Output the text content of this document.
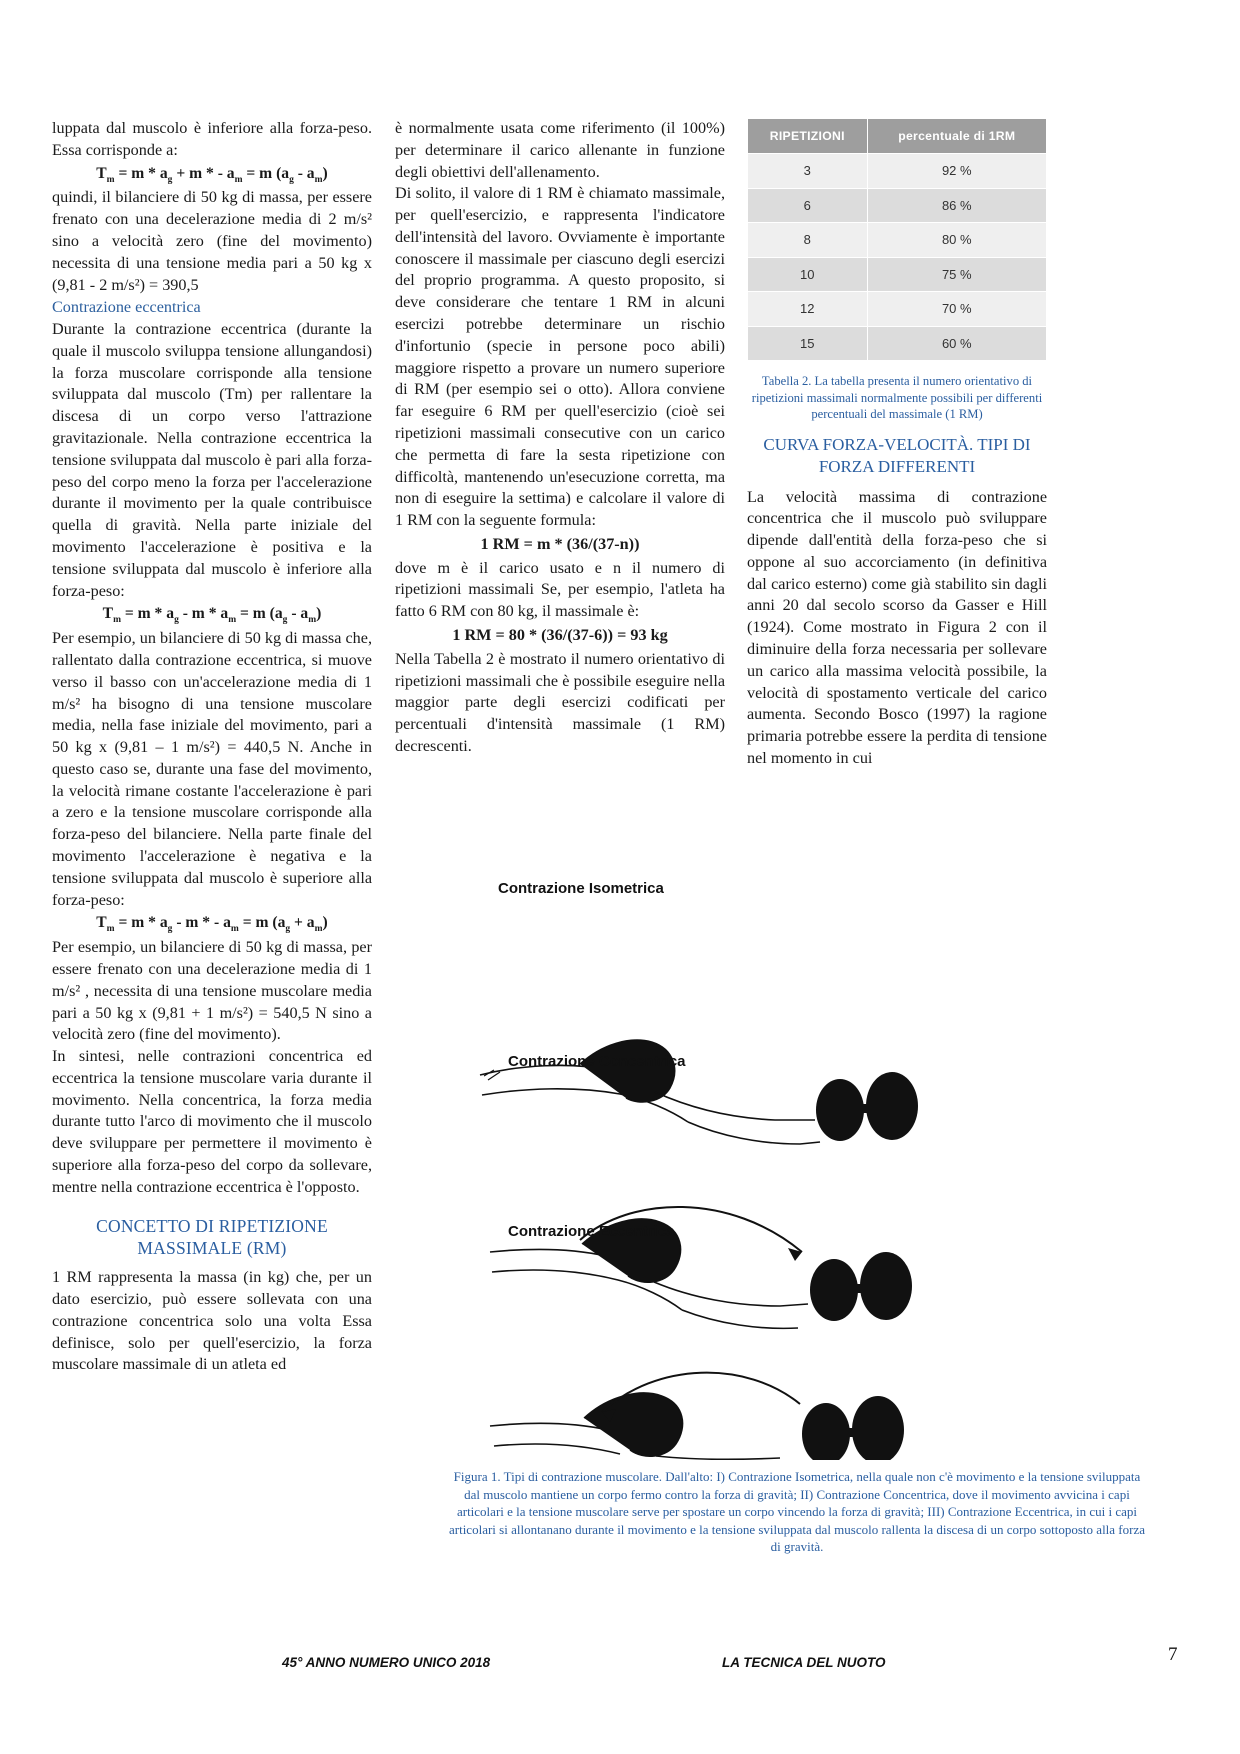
luppata dal muscolo è inferiore alla forza-peso. Essa corrisponde a:

$T_m = m * a_g + m$ * - $a_m = m$ $(a_g - a_m)$

quindi, il bilanciere di 50 kg di massa, per essere frenato con una decelerazione media di 2 m/s² sino a velocità zero (fine del movimento) necessita di una tensione media pari a 50 kg x (9,81 - 2 m/s²) = 390,5

Contrazione eccentrica

Durante la contrazione eccentrica (durante la quale il muscolo sviluppa tensione allungandosi) la forza muscolare corrisponde alla tensione sviluppata dal muscolo (Tm) per rallentare la discesa di un corpo verso l'attrazione gravitazionale. Nella contrazione eccentrica la tensione sviluppata dal muscolo è pari alla forza-peso del corpo meno la forza per l'accelerazione durante il movimento per la quale contribuisce quella di gravità. Nella parte iniziale del movimento l'accelerazione è positiva e la tensione sviluppata dal muscolo è inferiore alla forza-peso:

$T_m = m * a_g - m * a_m = m$ $(a_g - a_m)$

Per esempio, un bilanciere di 50 kg di massa che, rallentato dalla contrazione eccentrica, si muove verso il basso con un'accelerazione media di 1 m/s² ha bisogno di una tensione muscolare media, nella fase iniziale del movimento, pari a 50 kg x (9,81 – 1 m/s²) = 440,5 N. Anche in questo caso se, durante una fase del movimento, la velocità rimane costante l'accelerazione è pari a zero e la tensione muscolare corrisponde alla forza-peso del bilanciere. Nella parte finale del movimento l'accelerazione è negativa e la tensione sviluppata dal muscolo è superiore alla forza-peso:

$T_m = m * a_g - m$ * - $a_m = m$ $(a_g + a_m)$

Per esempio, un bilanciere di 50 kg di massa, per essere frenato con una decelerazione media di 1 m/s² , necessita di una tensione muscolare media pari a 50 kg x (9,81 + 1 m/s²) = 540,5 N sino a velocità zero (fine del movimento).

In sintesi, nelle contrazioni concentrica ed eccentrica la tensione muscolare varia durante il movimento. Nella concentrica, la forza media durante tutto l'arco di movimento che il muscolo deve sviluppare per permettere il movimento è superiore alla forza-peso del corpo da sollevare, mentre nella contrazione eccentrica è l'opposto.

CONCETTO DI RIPETIZIONE MASSIMALE (RM)

1 RM rappresenta la massa (in kg) che, per un dato esercizio, può essere sollevata con una contrazione concentrica solo una volta Essa definisce, solo per quell'esercizio, la forza muscolare massimale di un atleta ed

è normalmente usata come riferimento (il 100%) per determinare il carico allenante in funzione degli obiettivi dell'allenamento.

Di solito, il valore di 1 RM è chiamato massimale, per quell'esercizio, e rappresenta l'indicatore dell'intensità del lavoro. Ovviamente è importante conoscere il massimale per ciascuno degli esercizi del proprio programma. A questo proposito, si deve considerare che tentare 1 RM in alcuni esercizi potrebbe determinare un rischio d'infortunio (specie in persone poco abili) maggiore rispetto a provare un numero superiore di RM (per esempio sei o otto). Allora conviene far eseguire 6 RM per quell'esercizio (cioè sei ripetizioni massimali consecutive con un carico che permetta di fare la sesta ripetizione con difficoltà, mantenendo un'esecuzione corretta, ma non di eseguire la settima) e calcolare il valore di 1 RM con la seguente formula:

1 RM = m * (36/(37-n))

dove m è il carico usato e n il numero di ripetizioni massimali Se, per esempio, l'atleta ha fatto 6 RM con 80 kg, il massimale è:

1 RM = 80 * (36/(37-6)) = 93 kg

Nella Tabella 2 è mostrato il numero orientativo di ripetizioni massimali che è possibile eseguire nella maggior parte degli esercizi codificati per percentuali d'intensità massimale (1 RM) decrescenti.

RIPETIZIONI	percentuale di 1RM
3	92 %
6	86 %
8	80 %
10	75 %
12	70 %
15	60 %
Tabella 2. La tabella presenta il numero orientativo di ripetizioni massimali normalmente possibili per differenti percentuali del massimale (1 RM)

CURVA FORZA-VELOCITÀ. TIPI DI FORZA DIFFERENTI

La velocità massima di contrazione concentrica che il muscolo può sviluppare dipende dall'entità della forza-peso che si oppone al suo accorciamento (in definitiva dal carico esterno) come già stabilito sin dagli anni 20 dal secolo scorso da Gasser e Hill (1924). Come mostrato in Figura 2 con il diminuire della forza necessaria per sollevare un carico alla massima velocità possibile, la velocità di spostamento verticale del carico aumenta. Secondo Bosco (1997) la ragione primaria potrebbe essere la perdita di tensione nel momento in cui

Contrazione Isometrica
Contrazione Concentrica
Contrazione Eccentrica
Figura 1. Tipi di contrazione muscolare. Dall'alto: I) Contrazione Isometrica, nella quale non c'è movimento e la tensione sviluppata dal muscolo mantiene un corpo fermo contro la forza di gravità; II) Contrazione Concentrica, dove il movimento avvicina i capi articolari e la tensione muscolare serve per spostare un corpo vincendo la forza di gravità; III) Contrazione Eccentrica, in cui i capi articolari si allontanano durante il movimento e la tensione sviluppata dal muscolo rallenta la discesa di un corpo sottoposto alla forza di gravità.
45° ANNO NUMERO UNICO 2018	LA TECNICA DEL NUOTO	7
